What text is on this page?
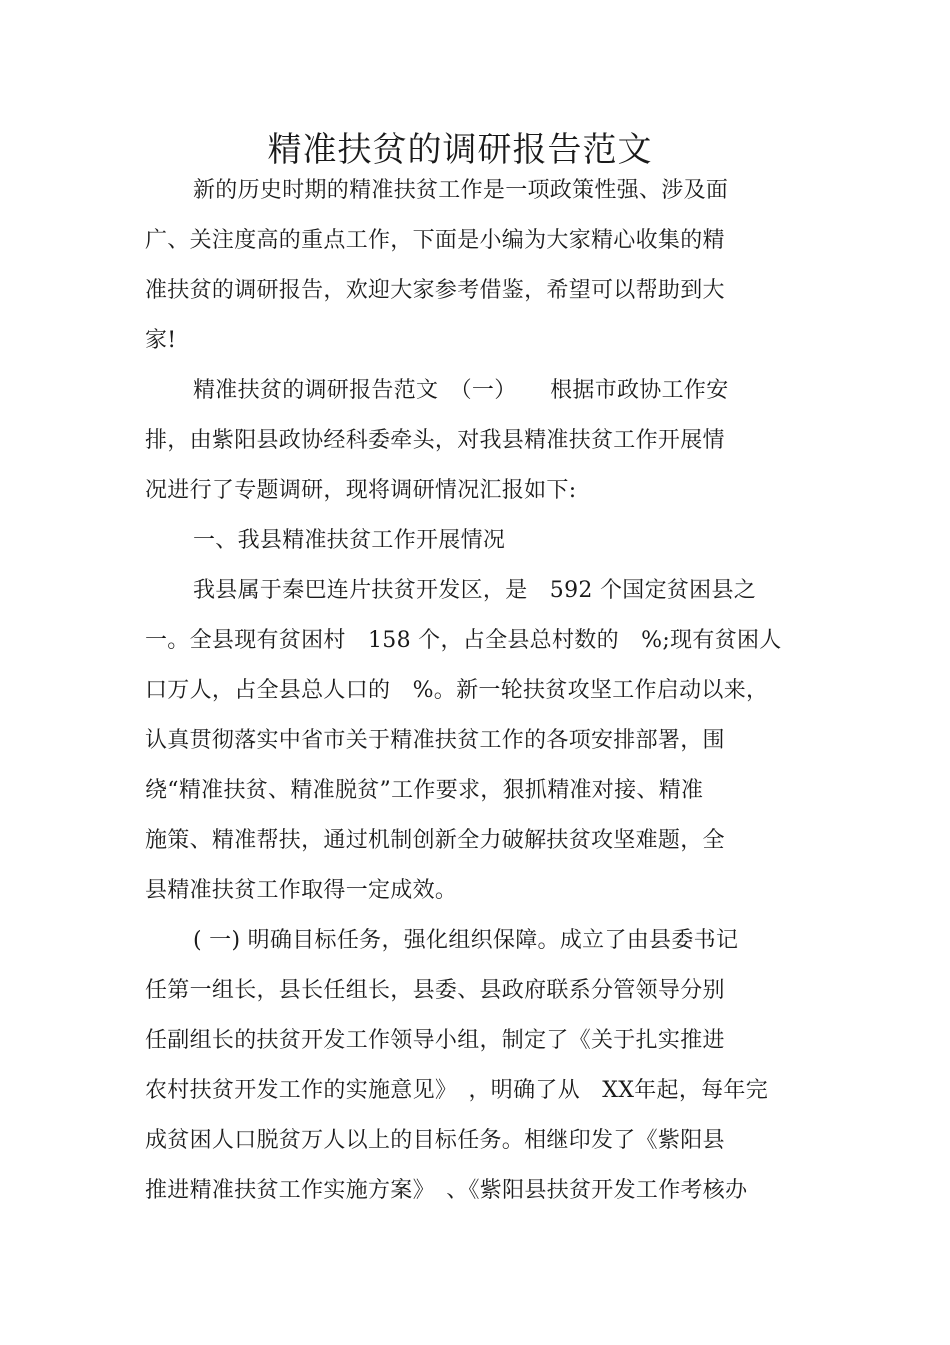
精准扶贫的调研报告范文
新的历史时期的精准扶贫工作是一项政策性强、涉及面
广、关注度高的重点工作，下面是小编为大家精心收集的精
准扶贫的调研报告，欢迎大家参考借鉴，希望可以帮助到大
家!
精准扶贫的调研报告范文　（一）　　根据市政协工作安
排，由紫阳县政协经科委牵头，对我县精准扶贫工作开展情
况进行了专题调研，现将调研情况汇报如下:
一、我县精准扶贫工作开展情况
我县属于秦巴连片扶贫开发区，是　592 个国定贫困县之
一。全县现有贫困村　158 个，占全县总村数的　%;现有贫困人
口万人，占全县总人口的　%。新一轮扶贫攻坚工作启动以来，
认真贯彻落实中省市关于精准扶贫工作的各项安排部署，围
绕“精准扶贫、精准脱贫”工作要求，狠抓精准对接、精准
施策、精准帮扶，通过机制创新全力破解扶贫攻坚难题，全
县精准扶贫工作取得一定成效。
( 一) 明确目标任务，强化组织保障。成立了由县委书记
任第一组长，县长任组长，县委、县政府联系分管领导分别
任副组长的扶贫开发工作领导小组，制定了《关于扎实推进
农村扶贫开发工作的实施意见》　，明确了从　XX年起，每年完
成贫困人口脱贫万人以上的目标任务。相继印发了《紫阳县
推进精准扶贫工作实施方案》　、《紫阳县扶贫开发工作考核办
